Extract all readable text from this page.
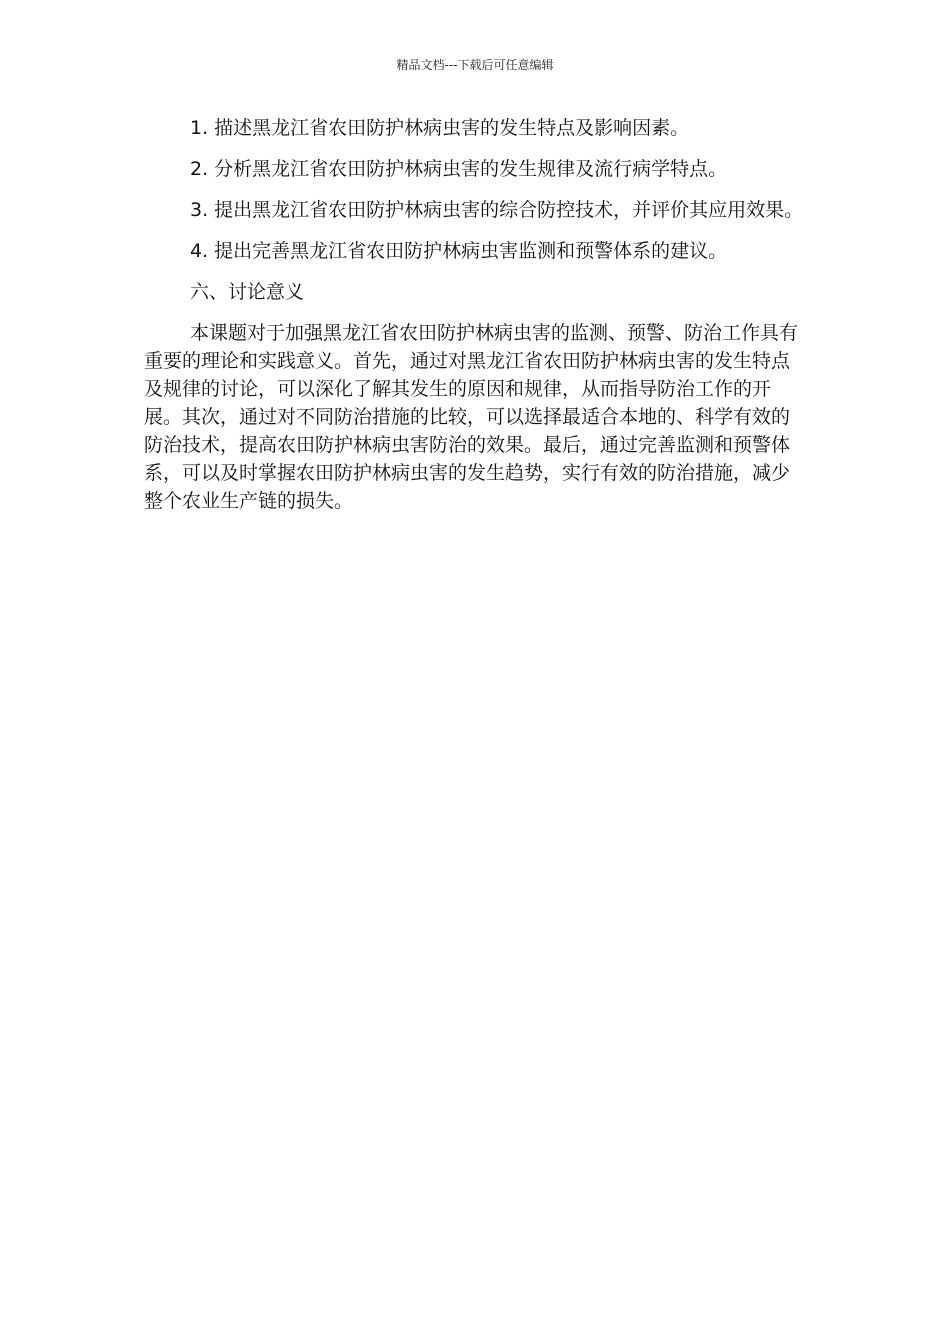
精品文档---下载后可任意编辑

1. 描述黑龙江省农田防护林病虫害的发生特点及影响因素。

2. 分析黑龙江省农田防护林病虫害的发生规律及流行病学特点。

3. 提出黑龙江省农田防护林病虫害的综合防控技术，并评价其应用效果。

4. 提出完善黑龙江省农田防护林病虫害监测和预警体系的建议。

六、讨论意义

本课题对于加强黑龙江省农田防护林病虫害的监测、预警、防治工作具有重要的理论和实践意义。首先，通过对黑龙江省农田防护林病虫害的发生特点及规律的讨论，可以深化了解其发生的原因和规律，从而指导防治工作的开展。其次，通过对不同防治措施的比较，可以选择最适合本地的、科学有效的防治技术，提高农田防护林病虫害防治的效果。最后，通过完善监测和预警体系，可以及时掌握农田防护林病虫害的发生趋势，实行有效的防治措施，减少整个农业生产链的损失。
